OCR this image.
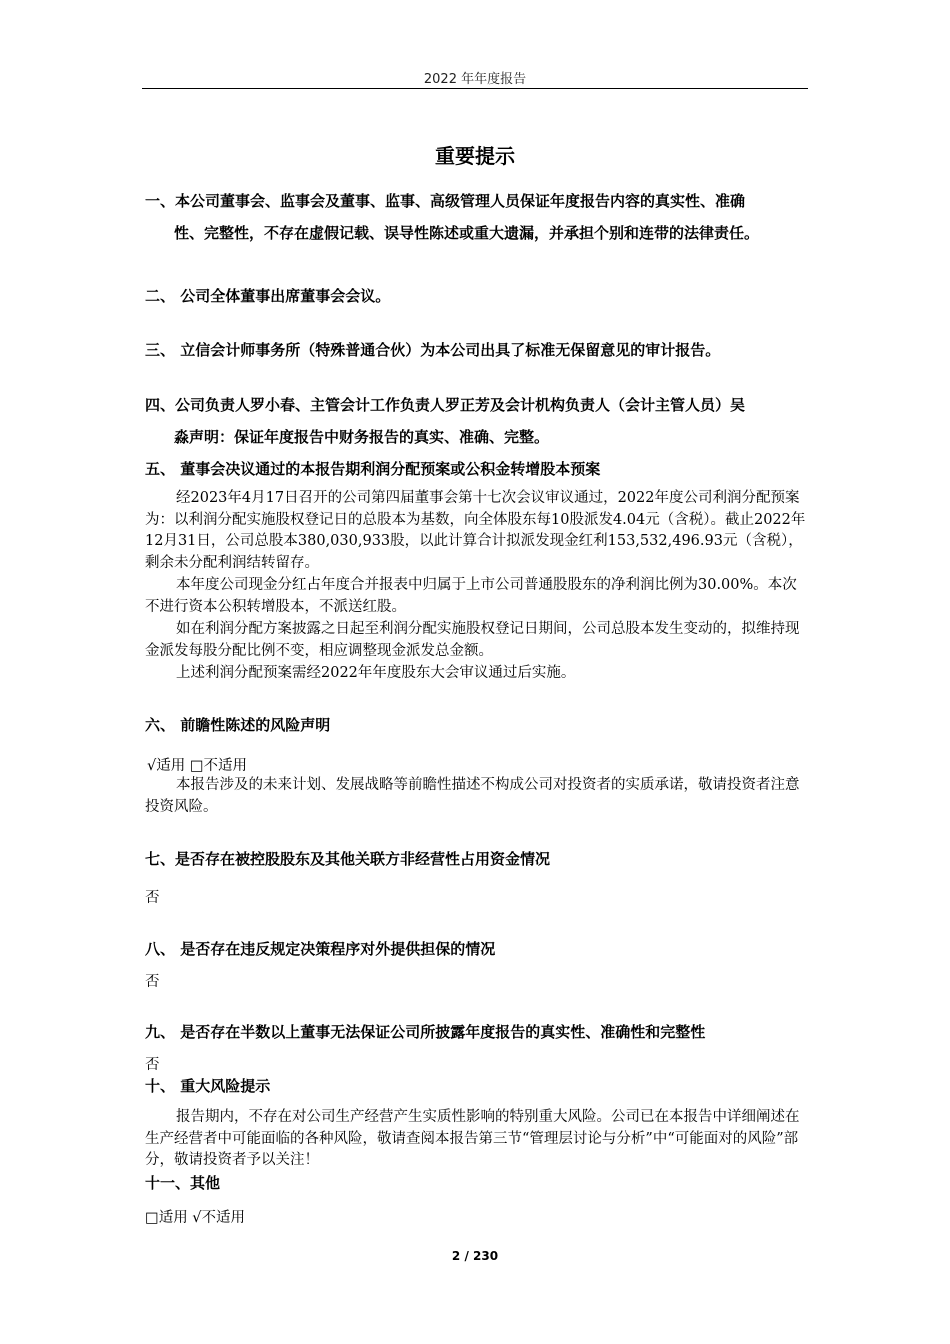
2022 年年度报告
重要提示
一、本公司董事会、监事会及董事、监事、高级管理人员保证年度报告内容的真实性、准确
性、完整性，不存在虚假记载、误导性陈述或重大遗漏，并承担个别和连带的法律责任。
二、 公司全体董事出席董事会会议。
三、 立信会计师事务所（特殊普通合伙）为本公司出具了标准无保留意见的审计报告。
四、公司负责人罗小春、主管会计工作负责人罗正芳及会计机构负责人（会计主管人员）吴
淼声明：保证年度报告中财务报告的真实、准确、完整。
五、 董事会决议通过的本报告期利润分配预案或公积金转增股本预案
经2023年4月17日召开的公司第四届董事会第十七次会议审议通过，2022年度公司利润分配预案为：以利润分配实施股权登记日的总股本为基数，向全体股东每10股派发4.04元（含税）。截止2022年12月31日，公司总股本380,030,933股，以此计算合计拟派发现金红利153,532,496.93元（含税），剩余未分配利润结转留存。
本年度公司现金分红占年度合并报表中归属于上市公司普通股股东的净利润比例为30.00%。本次不进行资本公积转增股本，不派送红股。
如在利润分配方案披露之日起至利润分配实施股权登记日期间，公司总股本发生变动的，拟维持现金派发每股分配比例不变，相应调整现金派发总金额。
上述利润分配预案需经2022年年度股东大会审议通过后实施。
六、 前瞻性陈述的风险声明
√适用 □不适用
本报告涉及的未来计划、发展战略等前瞻性描述不构成公司对投资者的实质承诺，敬请投资者注意投资风险。
七、是否存在被控股股东及其他关联方非经营性占用资金情况
否
八、 是否存在违反规定决策程序对外提供担保的情况
否
九、 是否存在半数以上董事无法保证公司所披露年度报告的真实性、准确性和完整性
否
十、 重大风险提示
报告期内，不存在对公司生产经营产生实质性影响的特别重大风险。公司已在本报告中详细阐述在生产经营者中可能面临的各种风险，敬请查阅本报告第三节“管理层讨论与分析”中“可能面对的风险”部分，敬请投资者予以关注！
十一、其他
□适用 √不适用
2 / 230
